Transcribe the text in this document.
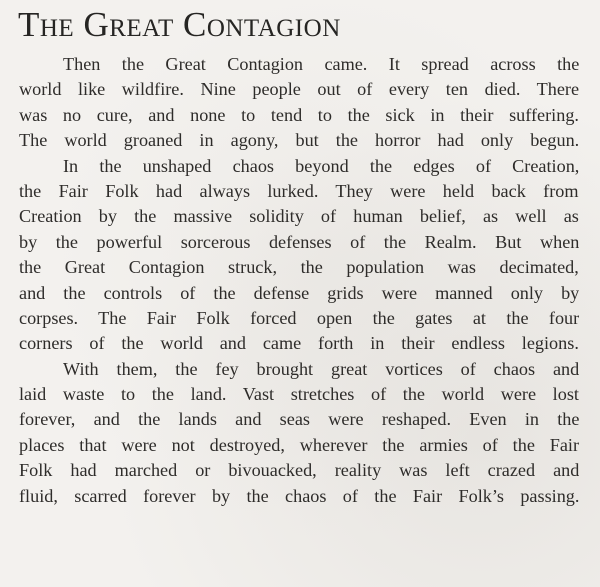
The Great Contagion
Then the Great Contagion came. It spread across the
world like wildfire. Nine people out of every ten died. There
was no cure, and none to tend to the sick in their suffering.
The world groaned in agony, but the horror had only begun.
In the unshaped chaos beyond the edges of Creation,
the Fair Folk had always lurked. They were held back from
Creation by the massive solidity of human belief, as well as
by the powerful sorcerous defenses of the Realm. But when
the Great Contagion struck, the population was decimated,
and the controls of the defense grids were manned only by
corpses. The Fair Folk forced open the gates at the four
corners of the world and came forth in their endless legions.
With them, the fey brought great vortices of chaos and
laid waste to the land. Vast stretches of the world were lost
forever, and the lands and seas were reshaped. Even in the
places that were not destroyed, wherever the armies of the Fair
Folk had marched or bivouacked, reality was left crazed and
fluid, scarred forever by the chaos of the Fair Folk’s passing.
